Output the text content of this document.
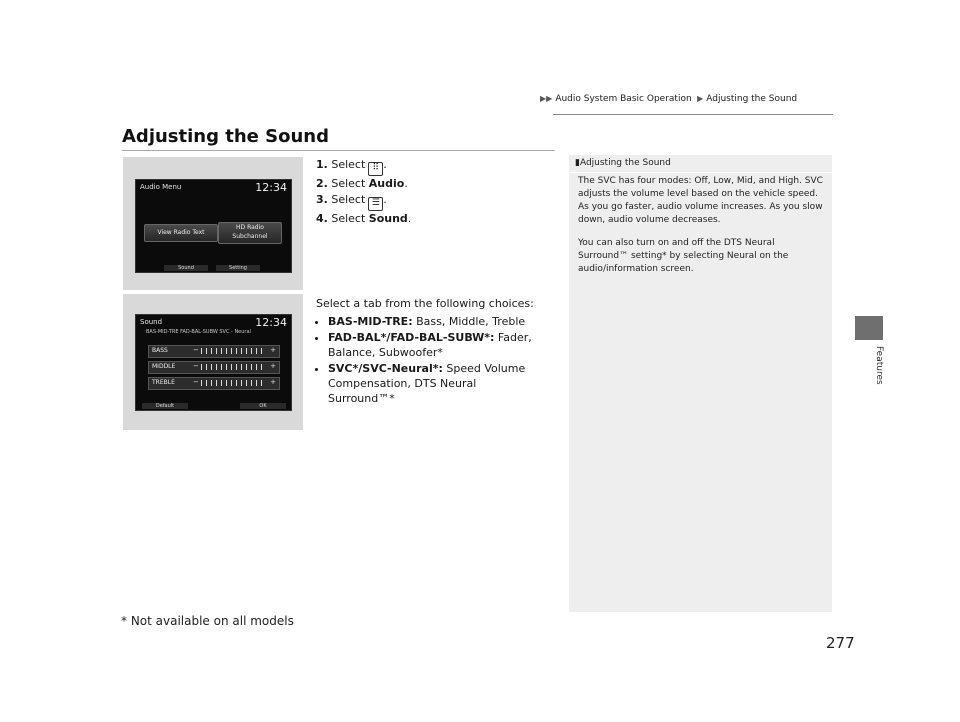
▶▶ Audio System Basic Operation  ▶ Adjusting the Sound
Adjusting the Sound
Features
Audio Menu	12:34
View Radio Text
HD Radio Subchannel
Sound	Setting
Sound	12:34
BAS-MID-TRE FAD-BAL-SUBW SVC - Neural
BASS	−	+
MIDDLE	−	+
TREBLE	−	+
Default	OK
1. Select ⠿ .
2. Select Audio.
3. Select ☰ .
4. Select Sound.
Select a tab from the following choices:
• BAS-MID-TRE: Bass, Middle, Treble
• FAD-BAL*/FAD-BAL-SUBW*: Fader, Balance, Subwoofer*
• SVC*/SVC-Neural*: Speed Volume Compensation, DTS Neural Surround™*
▮Adjusting the Sound

The SVC has four modes: Off, Low, Mid, and High. SVC adjusts the volume level based on the vehicle speed. As you go faster, audio volume increases. As you slow down, audio volume decreases.

You can also turn on and off the DTS Neural Surround™ setting* by selecting Neural on the audio/information screen.

* Not available on all models
277
